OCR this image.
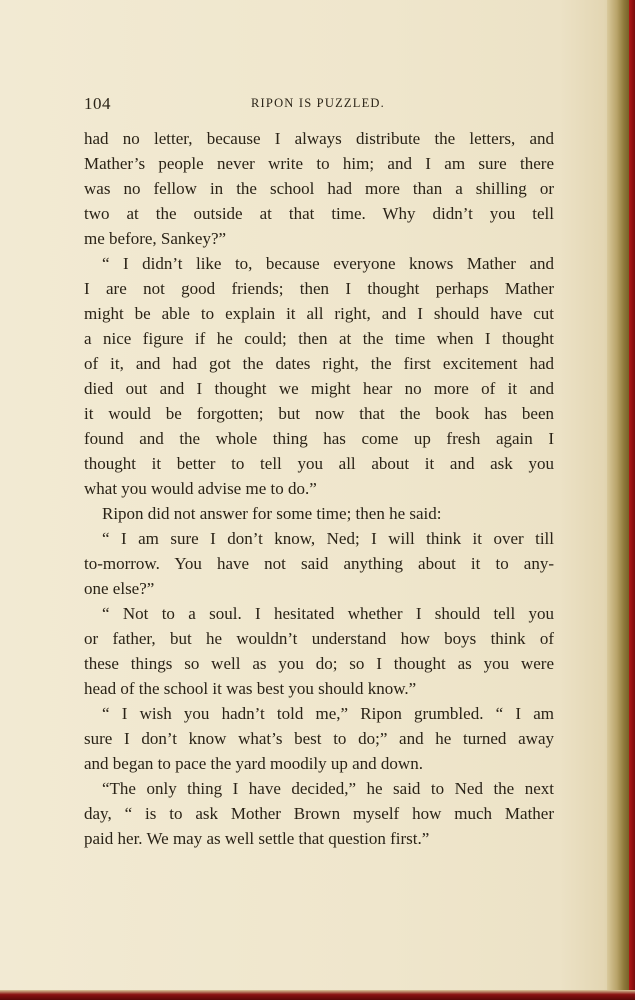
104	RIPON IS PUZZLED.
had no letter, because I always distribute the letters, and
Mather’s people never write to him; and I am sure there
was no fellow in the school had more than a shilling or
two at the outside at that time. Why didn’t you tell
me before, Sankey?”
“ I didn’t like to, because everyone knows Mather and
I are not good friends; then I thought perhaps Mather
might be able to explain it all right, and I should have cut
a nice figure if he could; then at the time when I thought
of it, and had got the dates right, the first excitement had
died out and I thought we might hear no more of it and
it would be forgotten; but now that the book has been
found and the whole thing has come up fresh again I
thought it better to tell you all about it and ask you
what you would advise me to do.”
Ripon did not answer for some time; then he said:
“ I am sure I don’t know, Ned; I will think it over till
to-morrow. You have not said anything about it to any-
one else?”
“ Not to a soul. I hesitated whether I should tell you
or father, but he wouldn’t understand how boys think of
these things so well as you do; so I thought as you were
head of the school it was best you should know.”
“ I wish you hadn’t told me,” Ripon grumbled. “ I am
sure I don’t know what’s best to do;” and he turned away
and began to pace the yard moodily up and down.
“The only thing I have decided,” he said to Ned the next
day, “ is to ask Mother Brown myself how much Mather
paid her. We may as well settle that question first.”
